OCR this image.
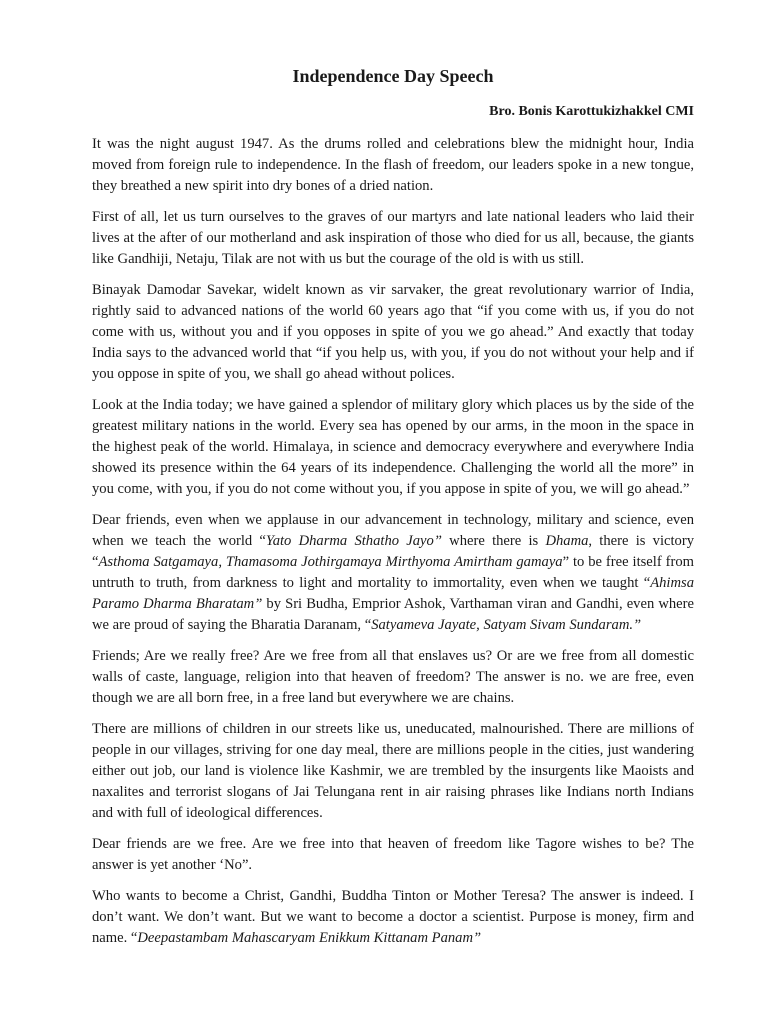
Independence Day Speech
Bro. Bonis Karottukizhakkel CMI

It was the night august 1947. As the drums rolled and celebrations blew the midnight hour, India moved from foreign rule to independence. In the flash of freedom, our leaders spoke in a new tongue, they breathed a new spirit into dry bones of a dried nation.

First of all, let us turn ourselves to the graves of our martyrs and late national leaders who laid their lives at the after of our motherland and ask inspiration of those who died for us all, because, the giants like Gandhiji, Netaju, Tilak are not with us but the courage of the old is with us still.

Binayak Damodar Savekar, widelt known as vir sarvaker, the great revolutionary warrior of India, rightly said to advanced nations of the world 60 years ago that “if you come with us, if you do not come with us, without you and if you opposes in spite of you we go ahead.” And exactly that today India says to the advanced world that “if you help us, with you, if you do not without your help and if you oppose in spite of you, we shall go ahead without polices.

Look at the India today; we have gained a splendor of military glory which places us by the side of the greatest military nations in the world. Every sea has opened by our arms, in the moon in the space in the highest peak of the world. Himalaya, in science and democracy everywhere and everywhere India showed its presence within the 64 years of its independence. Challenging the world all the more” in you come, with you, if you do not come without you, if you appose in spite of you, we will go ahead.”

Dear friends, even when we applause in our advancement in technology, military and science, even when we teach the world “Yato Dharma Sthatho Jayo” where there is Dhama, there is victory “Asthoma Satgamaya, Thamasoma Jothirgamaya Mirthyoma Amirtham gamaya” to be free itself from untruth to truth, from darkness to light and mortality to immortality, even when we taught “Ahimsa Paramo Dharma Bharatam” by Sri Budha, Emprior Ashok, Varthaman viran and Gandhi, even where we are proud of saying the Bharatia Daranam, “Satyameva Jayate, Satyam Sivam Sundaram.”

Friends; Are we really free? Are we free from all that enslaves us? Or are we free from all domestic walls of caste, language, religion into that heaven of freedom? The answer is no. we are free, even though we are all born free, in a free land but everywhere we are chains.

There are millions of children in our streets like us, uneducated, malnourished. There are millions of people in our villages, striving for one day meal, there are millions people in the cities, just wandering either out job, our land is violence like Kashmir, we are trembled by the insurgents like Maoists and naxalites and terrorist slogans of Jai Telungana rent in air raising phrases like Indians north Indians and with full of ideological differences.

Dear friends are we free. Are we free into that heaven of freedom like Tagore wishes to be? The answer is yet another ‘No”.

Who wants to become a Christ, Gandhi, Buddha Tinton or Mother Teresa? The answer is indeed. I don’t want. We don’t want. But we want to become a doctor a scientist. Purpose is money, firm and name. “Deepastambam Mahascaryam Enikkum Kittanam Panam”
